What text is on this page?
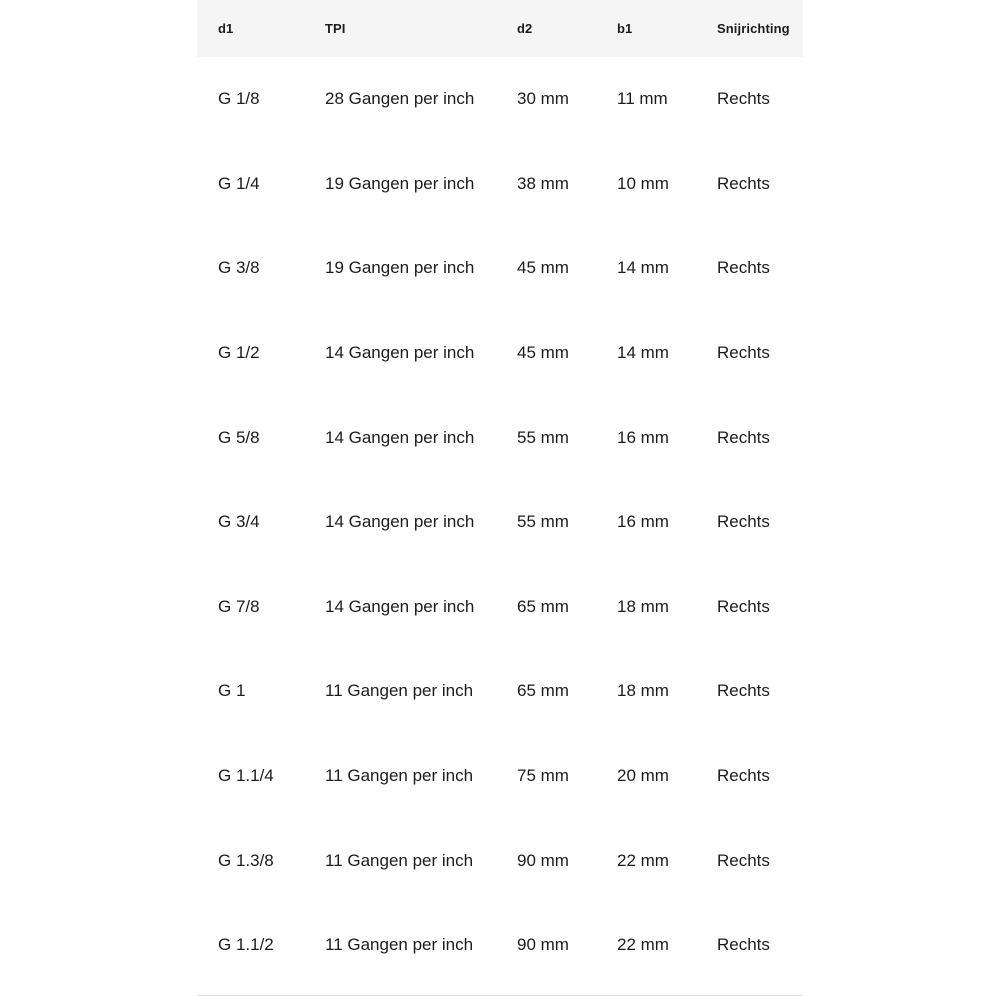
d1	TPI	d2	b1	Snijrichting
G 1/8	28 Gangen per inch	30 mm	11 mm	Rechts
G 1/4	19 Gangen per inch	38 mm	10 mm	Rechts
G 3/8	19 Gangen per inch	45 mm	14 mm	Rechts
G 1/2	14 Gangen per inch	45 mm	14 mm	Rechts
G 5/8	14 Gangen per inch	55 mm	16 mm	Rechts
G 3/4	14 Gangen per inch	55 mm	16 mm	Rechts
G 7/8	14 Gangen per inch	65 mm	18 mm	Rechts
G 1	11 Gangen per inch	65 mm	18 mm	Rechts
G 1.1/4	11 Gangen per inch	75 mm	20 mm	Rechts
G 1.3/8	11 Gangen per inch	90 mm	22 mm	Rechts
G 1.1/2	11 Gangen per inch	90 mm	22 mm	Rechts
